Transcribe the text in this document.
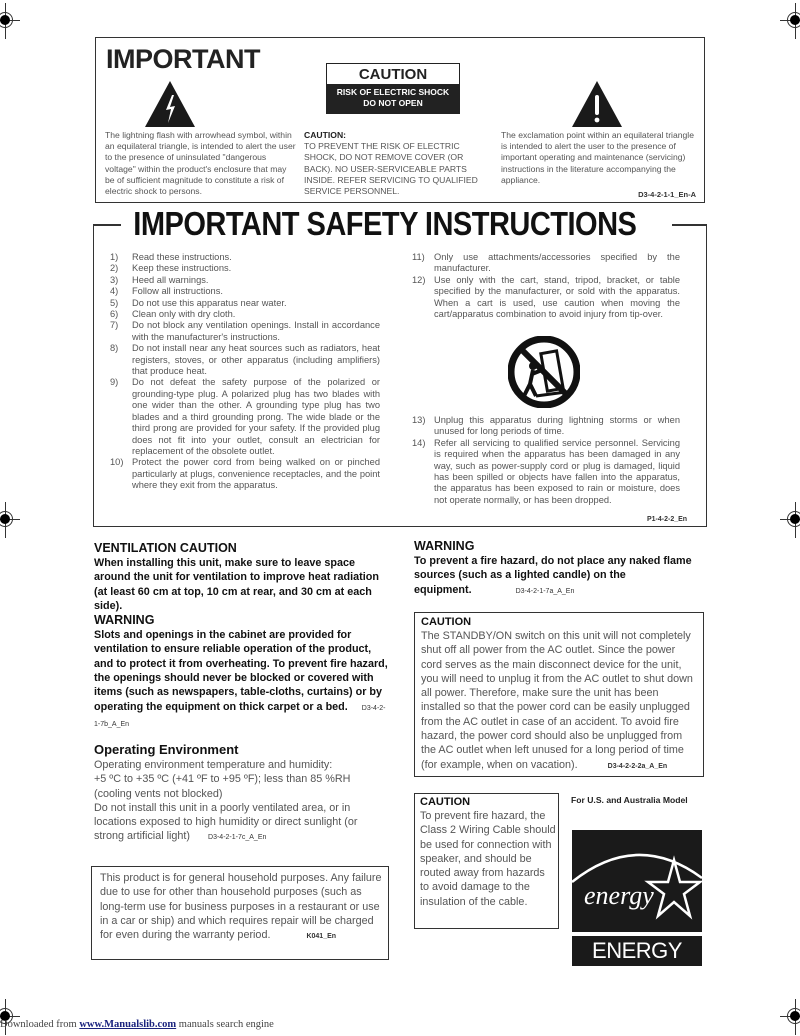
IMPORTANT
The lightning flash with arrowhead symbol, within an equilateral triangle, is intended to alert the user to the presence of uninsulated "dangerous voltage" within the product's enclosure that may be of sufficient magnitude to constitute a risk of electric shock to persons.
CAUTION
RISK OF ELECTRIC SHOCK
DO NOT OPEN
CAUTION:
TO PREVENT THE RISK OF ELECTRIC SHOCK, DO NOT REMOVE COVER (OR BACK). NO USER-SERVICEABLE PARTS INSIDE. REFER SERVICING TO QUALIFIED SERVICE PERSONNEL.
The exclamation point within an equilateral triangle is intended to alert the user to the presence of important operating and maintenance (servicing) instructions in the literature accompanying the appliance.
D3-4-2-1-1_En-A
IMPORTANT SAFETY INSTRUCTIONS
1)	Read these instructions.
2)	Keep these instructions.
3)	Heed all warnings.
4)	Follow all instructions.
5)	Do not use this apparatus near water.
6)	Clean only with dry cloth.
7)	Do not block any ventilation openings. Install in accordance with the manufacturer's instructions.
8)	Do not install near any heat sources such as radiators, heat registers, stoves, or other apparatus (including amplifiers) that produce heat.
9)	Do not defeat the safety purpose of the polarized or grounding-type plug. A polarized plug has two blades with one wider than the other. A grounding type plug has two blades and a third grounding prong. The wide blade or the third prong are provided for your safety. If the provided plug does not fit into your outlet, consult an electrician for replacement of the obsolete outlet.
10) Protect the power cord from being walked on or pinched particularly at plugs, convenience receptacles, and the point where they exit from the apparatus.
11) Only use attachments/accessories specified by the manufacturer.
12) Use only with the cart, stand, tripod, bracket, or table specified by the manufacturer, or sold with the apparatus. When a cart is used, use caution when moving the cart/apparatus combination to avoid injury from tip-over.
13) Unplug this apparatus during lightning storms or when unused for long periods of time.
14) Refer all servicing to qualified service personnel. Servicing is required when the apparatus has been damaged in any way, such as power-supply cord or plug is damaged, liquid has been spilled or objects have fallen into the apparatus, the apparatus has been exposed to rain or moisture, does not operate normally, or has been dropped.
P1-4-2-2_En
VENTILATION CAUTION
When installing this unit, make sure to leave space around the unit for ventilation to improve heat radiation (at least 60 cm at top, 10 cm at rear, and 30 cm at each side).
WARNING
Slots and openings in the cabinet are provided for ventilation to ensure reliable operation of the product, and to protect it from overheating. To prevent fire hazard, the openings should never be blocked or covered with items (such as newspapers, table-cloths, curtains) or by operating the equipment on thick carpet or a bed. D3-4-2-1-7b_A_En
Operating Environment
Operating environment temperature and humidity:
+5 ºC to +35 ºC (+41 ºF to +95 ºF); less than 85 %RH (cooling vents not blocked)
Do not install this unit in a poorly ventilated area, or in locations exposed to high humidity or direct sunlight (or strong artificial light)	D3-4-2-1-7c_A_En
This product is for general household purposes. Any failure due to use for other than household purposes (such as long-term use for business purposes in a restaurant or use in a car or ship) and which requires repair will be charged for even during the warranty period.	K041_En
WARNING
To prevent a fire hazard, do not place any naked flame sources (such as a lighted candle) on the equipment.	D3-4-2-1-7a_A_En
CAUTION
The STANDBY/ON switch on this unit will not completely shut off all power from the AC outlet. Since the power cord serves as the main disconnect device for the unit, you will need to unplug it from the AC outlet to shut down all power. Therefore, make sure the unit has been installed so that the power cord can be easily unplugged from the AC outlet in case of an accident. To avoid fire hazard, the power cord should also be unplugged from the AC outlet when left unused for a long period of time (for example, when on vacation).	D3-4-2-2-2a_A_En
CAUTION
To prevent fire hazard, the Class 2 Wiring Cable should be used for connection with speaker, and should be routed away from hazards to avoid damage to the insulation of the cable.
For U.S. and Australia Model
energy
ENERGY STAR
Downloaded from www.Manualslib.com manuals search engine
